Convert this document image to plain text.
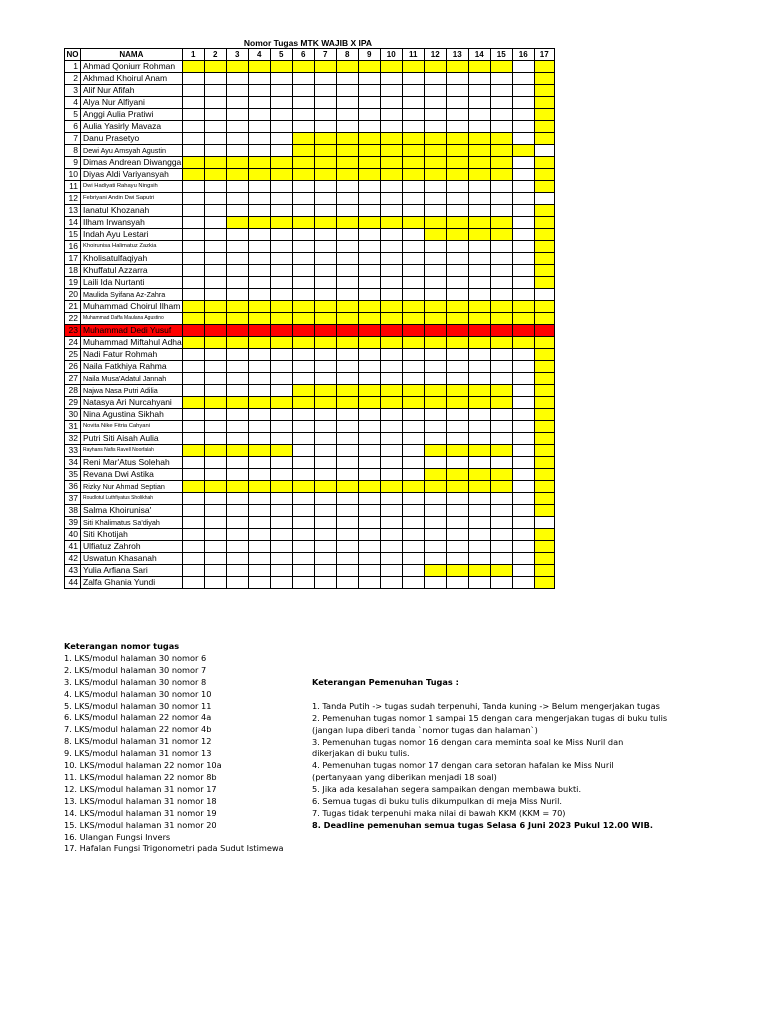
Nomor Tugas MTK WAJIB X IPA
NO	NAMA	1	2	3	4	5	6	7	8	9	10	11	12	13	14	15	16	17
1	Ahmad Qoniurr Rohman																	
2	Akhmad Khoirul Anam																	
3	Alif Nur Afifah																	
4	Alya Nur Alfiyani																	
5	Anggi Aulia Pratiwi																	
6	Aulia Yasirly Mavaza																	
7	Danu Prasetyo																	
8	Dewi Ayu Amsyah Agustin																	
9	Dimas Andrean Diwangga																	
10	Diyas Aldi Variyansyah																	
11	Dwi Hadiyati Rahayu Ningsih																	
12	Febriyani Andin Dwi Saputri																	
13	Ianatul Khozanah																	
14	Ilham Irwansyah																	
15	Indah Ayu Lestari																	
16	Khoirunisa Halimatuz Zazkia																	
17	Kholisatulfaqiyah																	
18	Khuffatul Azzarra																	
19	Laili Ida Nurtanti																	
20	Maulida Syifana Az-Zahra																	
21	Muhammad Choirul Ilham																	
22	Muhammad Daffa Maulana Agustino																	
23	Muhammad Dedi Yusuf																	
24	Muhammad Miftahul Adha																	
25	Nadi Fatur Rohmah																	
26	Naila Fatkhiya Rahma																	
27	Naila Musa'Adatul Jannah																	
28	Najwa Nasa Putri Adilia																	
29	Natasya Ari Nurcahyani																	
30	Nina Agustina Sikhah																	
31	Novita Nike Fitria Cahyani																	
32	Putri Siti Aisah Aulia																	
33	Rayhans Nafis Ravell Noorfalah																	
34	Reni Mar'Atus Solehah																	
35	Revana Dwi Astika																	
36	Rizky Nur Ahmad Septian																	
37	Roudlotul Luthfiyatus Sholikhah																	
38	Salma Khoirunisa'																	
39	Siti Khalimatus Sa'diyah																	
40	Siti Khotijah																	
41	Ulfiatuz Zahroh																	
42	Uswatun Khasanah																	
43	Yulia Arfiana Sari																	
44	Zalfa Ghania Yundi																	
Keterangan nomor tugas
1. LKS/modul halaman 30 nomor 6
2. LKS/modul halaman 30 nomor 7
3. LKS/modul halaman 30 nomor 8
4. LKS/modul halaman 30 nomor 10
5. LKS/modul halaman 30 nomor 11
6. LKS/modul halaman 22 nomor 4a
7. LKS/modul halaman 22 nomor 4b
8. LKS/modul halaman 31 nomor 12
9. LKS/modul halaman 31 nomor 13
10. LKS/modul halaman 22 nomor 10a
11. LKS/modul halaman 22 nomor 8b
12. LKS/modul halaman 31 nomor 17
13. LKS/modul halaman 31 nomor 18
14. LKS/modul halaman 31 nomor 19
15. LKS/modul halaman 31 nomor 20
16. Ulangan Fungsi Invers
17. Hafalan Fungsi Trigonometri pada Sudut Istimewa
Keterangan Pemenuhan Tugas :
1. Tanda Putih -> tugas sudah terpenuhi, Tanda kuning -> Belum mengerjakan tugas
2. Pemenuhan tugas nomor 1 sampai 15 dengan cara mengerjakan tugas di buku tulis
(jangan lupa diberi tanda `nomor tugas dan halaman`)
3. Pemenuhan tugas nomor 16 dengan cara meminta soal ke Miss Nuril dan
dikerjakan di buku tulis.
4. Pemenuhan tugas nomor 17 dengan cara setoran hafalan ke Miss Nuril
(pertanyaan yang diberikan menjadi 18 soal)
5. Jika ada kesalahan segera sampaikan dengan membawa bukti.
6. Semua tugas di buku tulis dikumpulkan di meja Miss Nuril.
7. Tugas tidak terpenuhi maka nilai di bawah KKM (KKM = 70)
8. Deadline pemenuhan semua tugas Selasa 6 Juni 2023 Pukul 12.00 WIB.
